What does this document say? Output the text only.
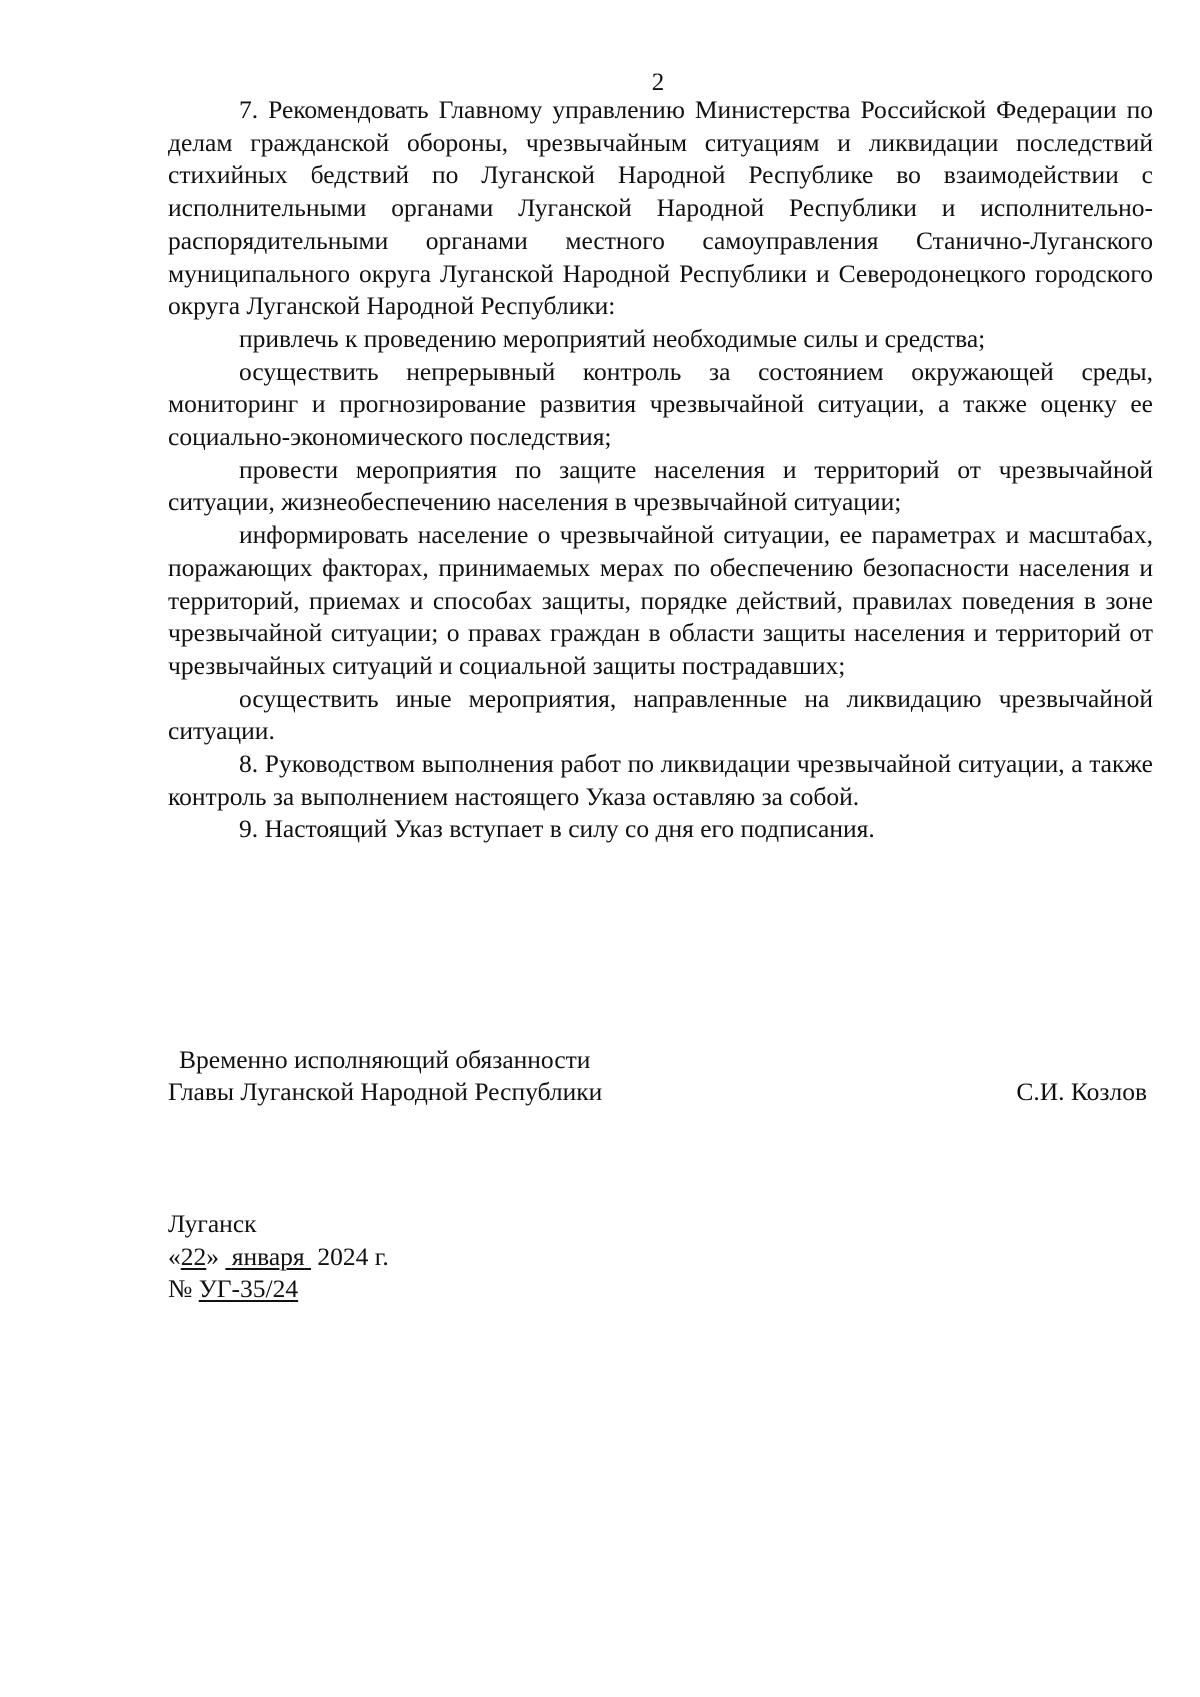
2

7. Рекомендовать Главному управлению Министерства Российской Федерации по делам гражданской обороны, чрезвычайным ситуациям и ликвидации последствий стихийных бедствий по Луганской Народной Республике во взаимодействии с исполнительными органами Луганской Народной Республики и исполнительно-распорядительными органами местного самоуправления Станично-Луганского муниципального округа Луганской Народной Республики и Северодонецкого городского округа Луганской Народной Республики:

привлечь к проведению мероприятий необходимые силы и средства;

осуществить непрерывный контроль за состоянием окружающей среды, мониторинг и прогнозирование развития чрезвычайной ситуации, а также оценку ее социально-экономического последствия;

провести мероприятия по защите населения и территорий от чрезвычайной ситуации, жизнеобеспечению населения в чрезвычайной ситуации;

информировать население о чрезвычайной ситуации, ее параметрах и масштабах, поражающих факторах, принимаемых мерах по обеспечению безопасности населения и территорий, приемах и способах защиты, порядке действий, правилах поведения в зоне чрезвычайной ситуации; о правах граждан в области защиты населения и территорий от чрезвычайных ситуаций и социальной защиты пострадавших;

осуществить иные мероприятия, направленные на ликвидацию чрезвычайной ситуации.

8. Руководством выполнения работ по ликвидации чрезвычайной ситуации, а также контроль за выполнением настоящего Указа оставляю за собой.

9. Настоящий Указ вступает в силу со дня его подписания.

Временно исполняющий обязанности
Главы Луганской Народной Республики	С.И. Козлов
Луганск
«22» января 2024 г.
№ УГ-35/24
